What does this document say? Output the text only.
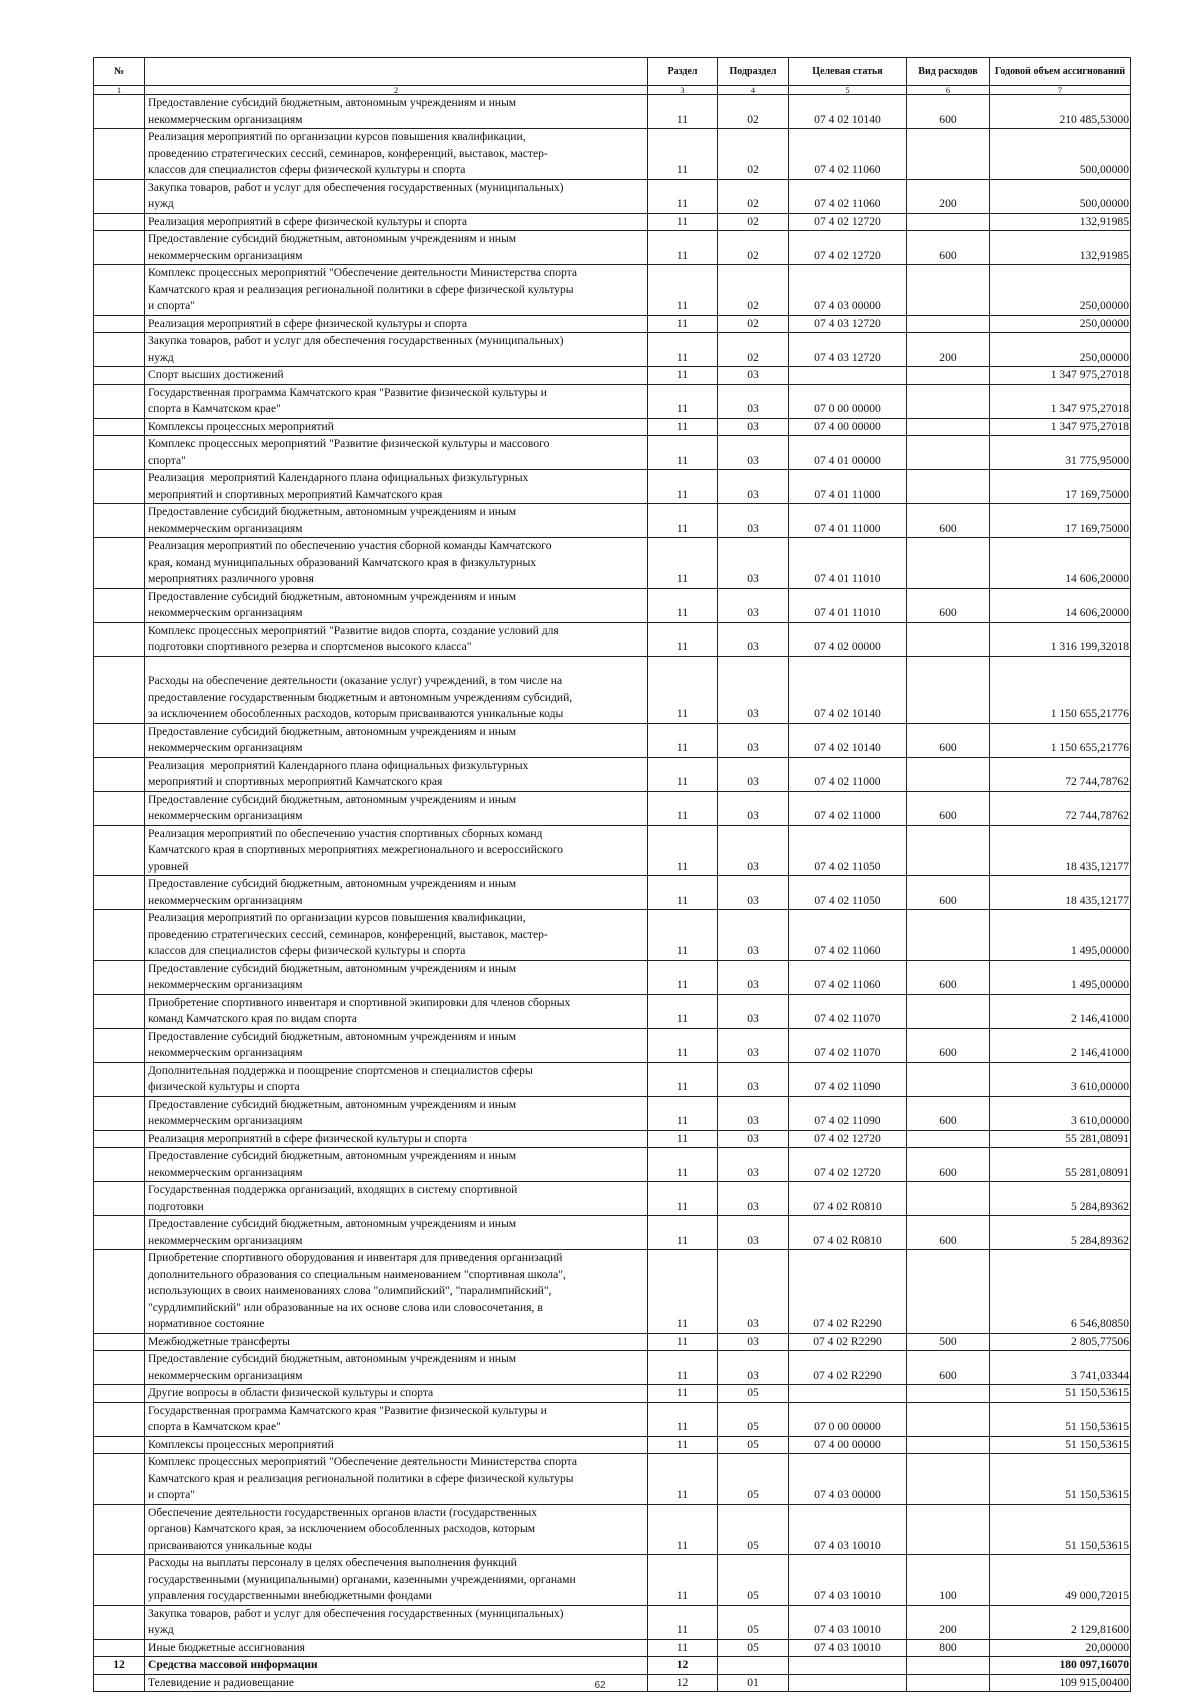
№		Раздел	Подраздел	Целевая статья	Вид расходов	Годовой объем ассигнований
1	2	3	4	5	6	7
	Предоставление субсидий бюджетным, автономным учреждениям и иным
некоммерческим организациям	11	02	07 4 02 10140	600	210 485,53000
	Реализация мероприятий по организации курсов повышения квалификации,
проведению стратегических сессий, семинаров, конференций, выставок, мастер-
классов для специалистов сферы физической культуры и спорта	11	02	07 4 02 11060		500,00000
	Закупка товаров, работ и услуг для обеспечения государственных (муниципальных)
нужд	11	02	07 4 02 11060	200	500,00000
	Реализация мероприятий в сфере физической культуры и спорта	11	02	07 4 02 12720		132,91985
	Предоставление субсидий бюджетным, автономным учреждениям и иным
некоммерческим организациям	11	02	07 4 02 12720	600	132,91985
	Комплекс процессных мероприятий "Обеспечение деятельности Министерства спорта
Камчатского края и реализация региональной политики в сфере физической культуры
и спорта"	11	02	07 4 03 00000		250,00000
	Реализация мероприятий в сфере физической культуры и спорта	11	02	07 4 03 12720		250,00000
	Закупка товаров, работ и услуг для обеспечения государственных (муниципальных)
нужд	11	02	07 4 03 12720	200	250,00000
	Спорт высших достижений	11	03			1 347 975,27018
	Государственная программа Камчатского края "Развитие физической культуры и
спорта в Камчатском крае"	11	03	07 0 00 00000		1 347 975,27018
	Комплексы процессных мероприятий	11	03	07 4 00 00000		1 347 975,27018
	Комплекс процессных мероприятий "Развитие физической культуры и массового
спорта"	11	03	07 4 01 00000		31 775,95000
	Реализация  мероприятий Календарного плана официальных физкультурных
мероприятий и спортивных мероприятий Камчатского края	11	03	07 4 01 11000		17 169,75000
	Предоставление субсидий бюджетным, автономным учреждениям и иным
некоммерческим организациям	11	03	07 4 01 11000	600	17 169,75000
	Реализация мероприятий по обеспечению участия сборной команды Камчатского
края, команд муниципальных образований Камчатского края в физкультурных
мероприятиях различного уровня	11	03	07 4 01 11010		14 606,20000
	Предоставление субсидий бюджетным, автономным учреждениям и иным
некоммерческим организациям	11	03	07 4 01 11010	600	14 606,20000
	Комплекс процессных мероприятий "Развитие видов спорта, создание условий для
подготовки спортивного резерва и спортсменов высокого класса"	11	03	07 4 02 00000		1 316 199,32018

Расходы на обеспечение деятельности (оказание услуг) учреждений, в том числе на
предоставление государственным бюджетным и автономным учреждениям субсидий,
за исключением обособленных расходов, которым присваиваются уникальные коды	11	03	07 4 02 10140		1 150 655,21776
	Предоставление субсидий бюджетным, автономным учреждениям и иным
некоммерческим организациям	11	03	07 4 02 10140	600	1 150 655,21776
	Реализация  мероприятий Календарного плана официальных физкультурных
мероприятий и спортивных мероприятий Камчатского края	11	03	07 4 02 11000		72 744,78762
	Предоставление субсидий бюджетным, автономным учреждениям и иным
некоммерческим организациям	11	03	07 4 02 11000	600	72 744,78762
	Реализация мероприятий по обеспечению участия спортивных сборных команд
Камчатского края в спортивных мероприятиях межрегионального и всероссийского
уровней	11	03	07 4 02 11050		18 435,12177
	Предоставление субсидий бюджетным, автономным учреждениям и иным
некоммерческим организациям	11	03	07 4 02 11050	600	18 435,12177
	Реализация мероприятий по организации курсов повышения квалификации,
проведению стратегических сессий, семинаров, конференций, выставок, мастер-
классов для специалистов сферы физической культуры и спорта	11	03	07 4 02 11060		1 495,00000
	Предоставление субсидий бюджетным, автономным учреждениям и иным
некоммерческим организациям	11	03	07 4 02 11060	600	1 495,00000
	Приобретение спортивного инвентаря и спортивной экипировки для членов сборных
команд Камчатского края по видам спорта	11	03	07 4 02 11070		2 146,41000
	Предоставление субсидий бюджетным, автономным учреждениям и иным
некоммерческим организациям	11	03	07 4 02 11070	600	2 146,41000
	Дополнительная поддержка и поощрение спортсменов и специалистов сферы
физической культуры и спорта	11	03	07 4 02 11090		3 610,00000
	Предоставление субсидий бюджетным, автономным учреждениям и иным
некоммерческим организациям	11	03	07 4 02 11090	600	3 610,00000
	Реализация мероприятий в сфере физической культуры и спорта	11	03	07 4 02 12720		55 281,08091
	Предоставление субсидий бюджетным, автономным учреждениям и иным
некоммерческим организациям	11	03	07 4 02 12720	600	55 281,08091
	Государственная поддержка организаций, входящих в систему спортивной
подготовки	11	03	07 4 02 R0810		5 284,89362
	Предоставление субсидий бюджетным, автономным учреждениям и иным
некоммерческим организациям	11	03	07 4 02 R0810	600	5 284,89362
	Приобретение спортивного оборудования и инвентаря для приведения организаций
дополнительного образования со специальным наименованием "спортивная школа",
использующих в своих наименованиях слова "олимпийский", "паралимпийский",
"сурдлимпийский" или образованные на их основе слова или словосочетания, в
нормативное состояние	11	03	07 4 02 R2290		6 546,80850
	Межбюджетные трансферты	11	03	07 4 02 R2290	500	2 805,77506
	Предоставление субсидий бюджетным, автономным учреждениям и иным
некоммерческим организациям	11	03	07 4 02 R2290	600	3 741,03344
	Другие вопросы в области физической культуры и спорта	11	05			51 150,53615
	Государственная программа Камчатского края "Развитие физической культуры и
спорта в Камчатском крае"	11	05	07 0 00 00000		51 150,53615
	Комплексы процессных мероприятий	11	05	07 4 00 00000		51 150,53615
	Комплекс процессных мероприятий "Обеспечение деятельности Министерства спорта
Камчатского края и реализация региональной политики в сфере физической культуры
и спорта"	11	05	07 4 03 00000		51 150,53615
	Обеспечение деятельности государственных органов власти (государственных
органов) Камчатского края, за исключением обособленных расходов, которым
присваиваются уникальные коды	11	05	07 4 03 10010		51 150,53615
	Расходы на выплаты персоналу в целях обеспечения выполнения функций
государственными (муниципальными) органами, казенными учреждениями, органами
управления государственными внебюджетными фондами	11	05	07 4 03 10010	100	49 000,72015
	Закупка товаров, работ и услуг для обеспечения государственных (муниципальных)
нужд	11	05	07 4 03 10010	200	2 129,81600
	Иные бюджетные ассигнования	11	05	07 4 03 10010	800	20,00000
12	Средства массовой информации	12				180 097,16070
	Телевидение и радиовещание	12	01			109 915,00400
62
